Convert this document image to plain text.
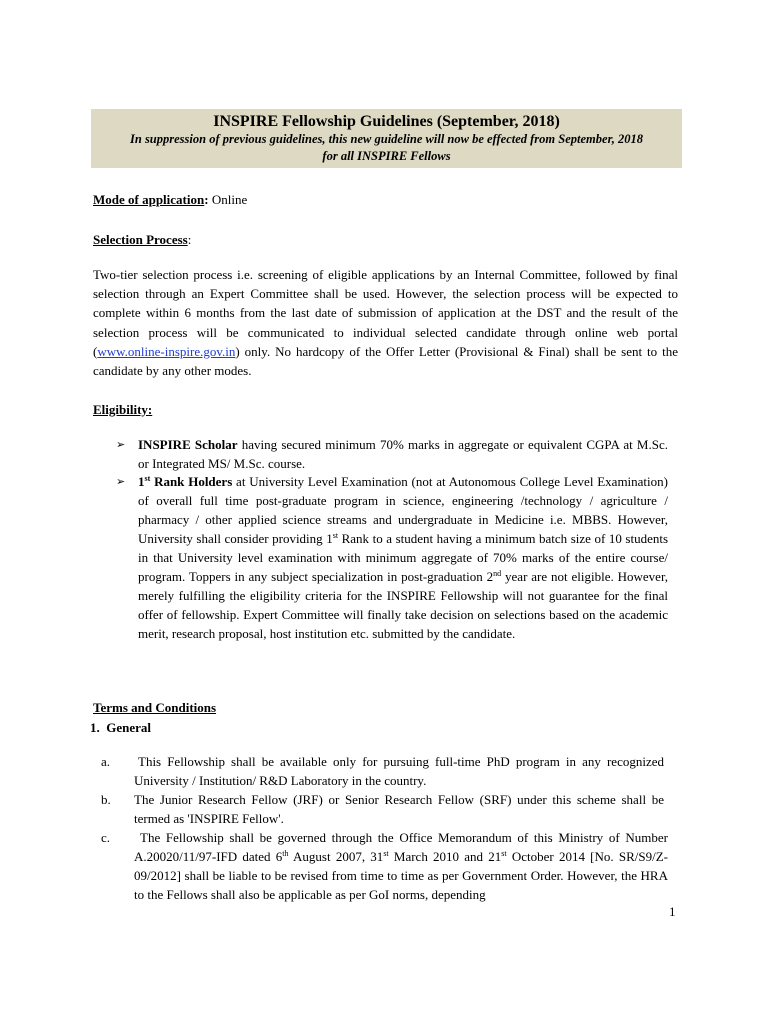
INSPIRE Fellowship Guidelines (September, 2018)
In suppression of previous guidelines, this new guideline will now be effected from September, 2018
for all INSPIRE Fellows
Mode of application: Online
Selection Process:
Two-tier selection process i.e. screening of eligible applications by an Internal Committee, followed by final selection through an Expert Committee shall be used. However, the selection process will be expected to complete within 6 months from the last date of submission of application at the DST and the result of the selection process will be communicated to individual selected candidate through online web portal (www.online-inspire.gov.in) only. No hardcopy of the Offer Letter (Provisional & Final) shall be sent to the candidate by any other modes.
Eligibility:
➢ INSPIRE Scholar having secured minimum 70% marks in aggregate or equivalent CGPA at M.Sc. or Integrated MS/ M.Sc. course.
➢ 1st Rank Holders at University Level Examination (not at Autonomous College Level Examination) of overall full time post-graduate program in science, engineering /technology / agriculture / pharmacy / other applied science streams and undergraduate in Medicine i.e. MBBS. However, University shall consider providing 1st Rank to a student having a minimum batch size of 10 students in that University level examination with minimum aggregate of 70% marks of the entire course/ program. Toppers in any subject specialization in post-graduation 2nd year are not eligible. However, merely fulfilling the eligibility criteria for the INSPIRE Fellowship will not guarantee for the final offer of fellowship. Expert Committee will finally take decision on selections based on the academic merit, research proposal, host institution etc. submitted by the candidate.
Terms and Conditions
1. General
a.	This Fellowship shall be available only for pursuing full-time PhD program in any recognized University / Institution/ R&D Laboratory in the country.
b. The Junior Research Fellow (JRF) or Senior Research Fellow (SRF) under this scheme shall be termed as 'INSPIRE Fellow'.
c.	The Fellowship shall be governed through the Office Memorandum of this Ministry of Number A.20020/11/97-IFD dated 6th August 2007, 31st March 2010 and 21st October 2014 [No. SR/S9/Z-09/2012] shall be liable to be revised from time to time as per Government Order. However, the HRA to the Fellows shall also be applicable as per GoI norms, depending
1
